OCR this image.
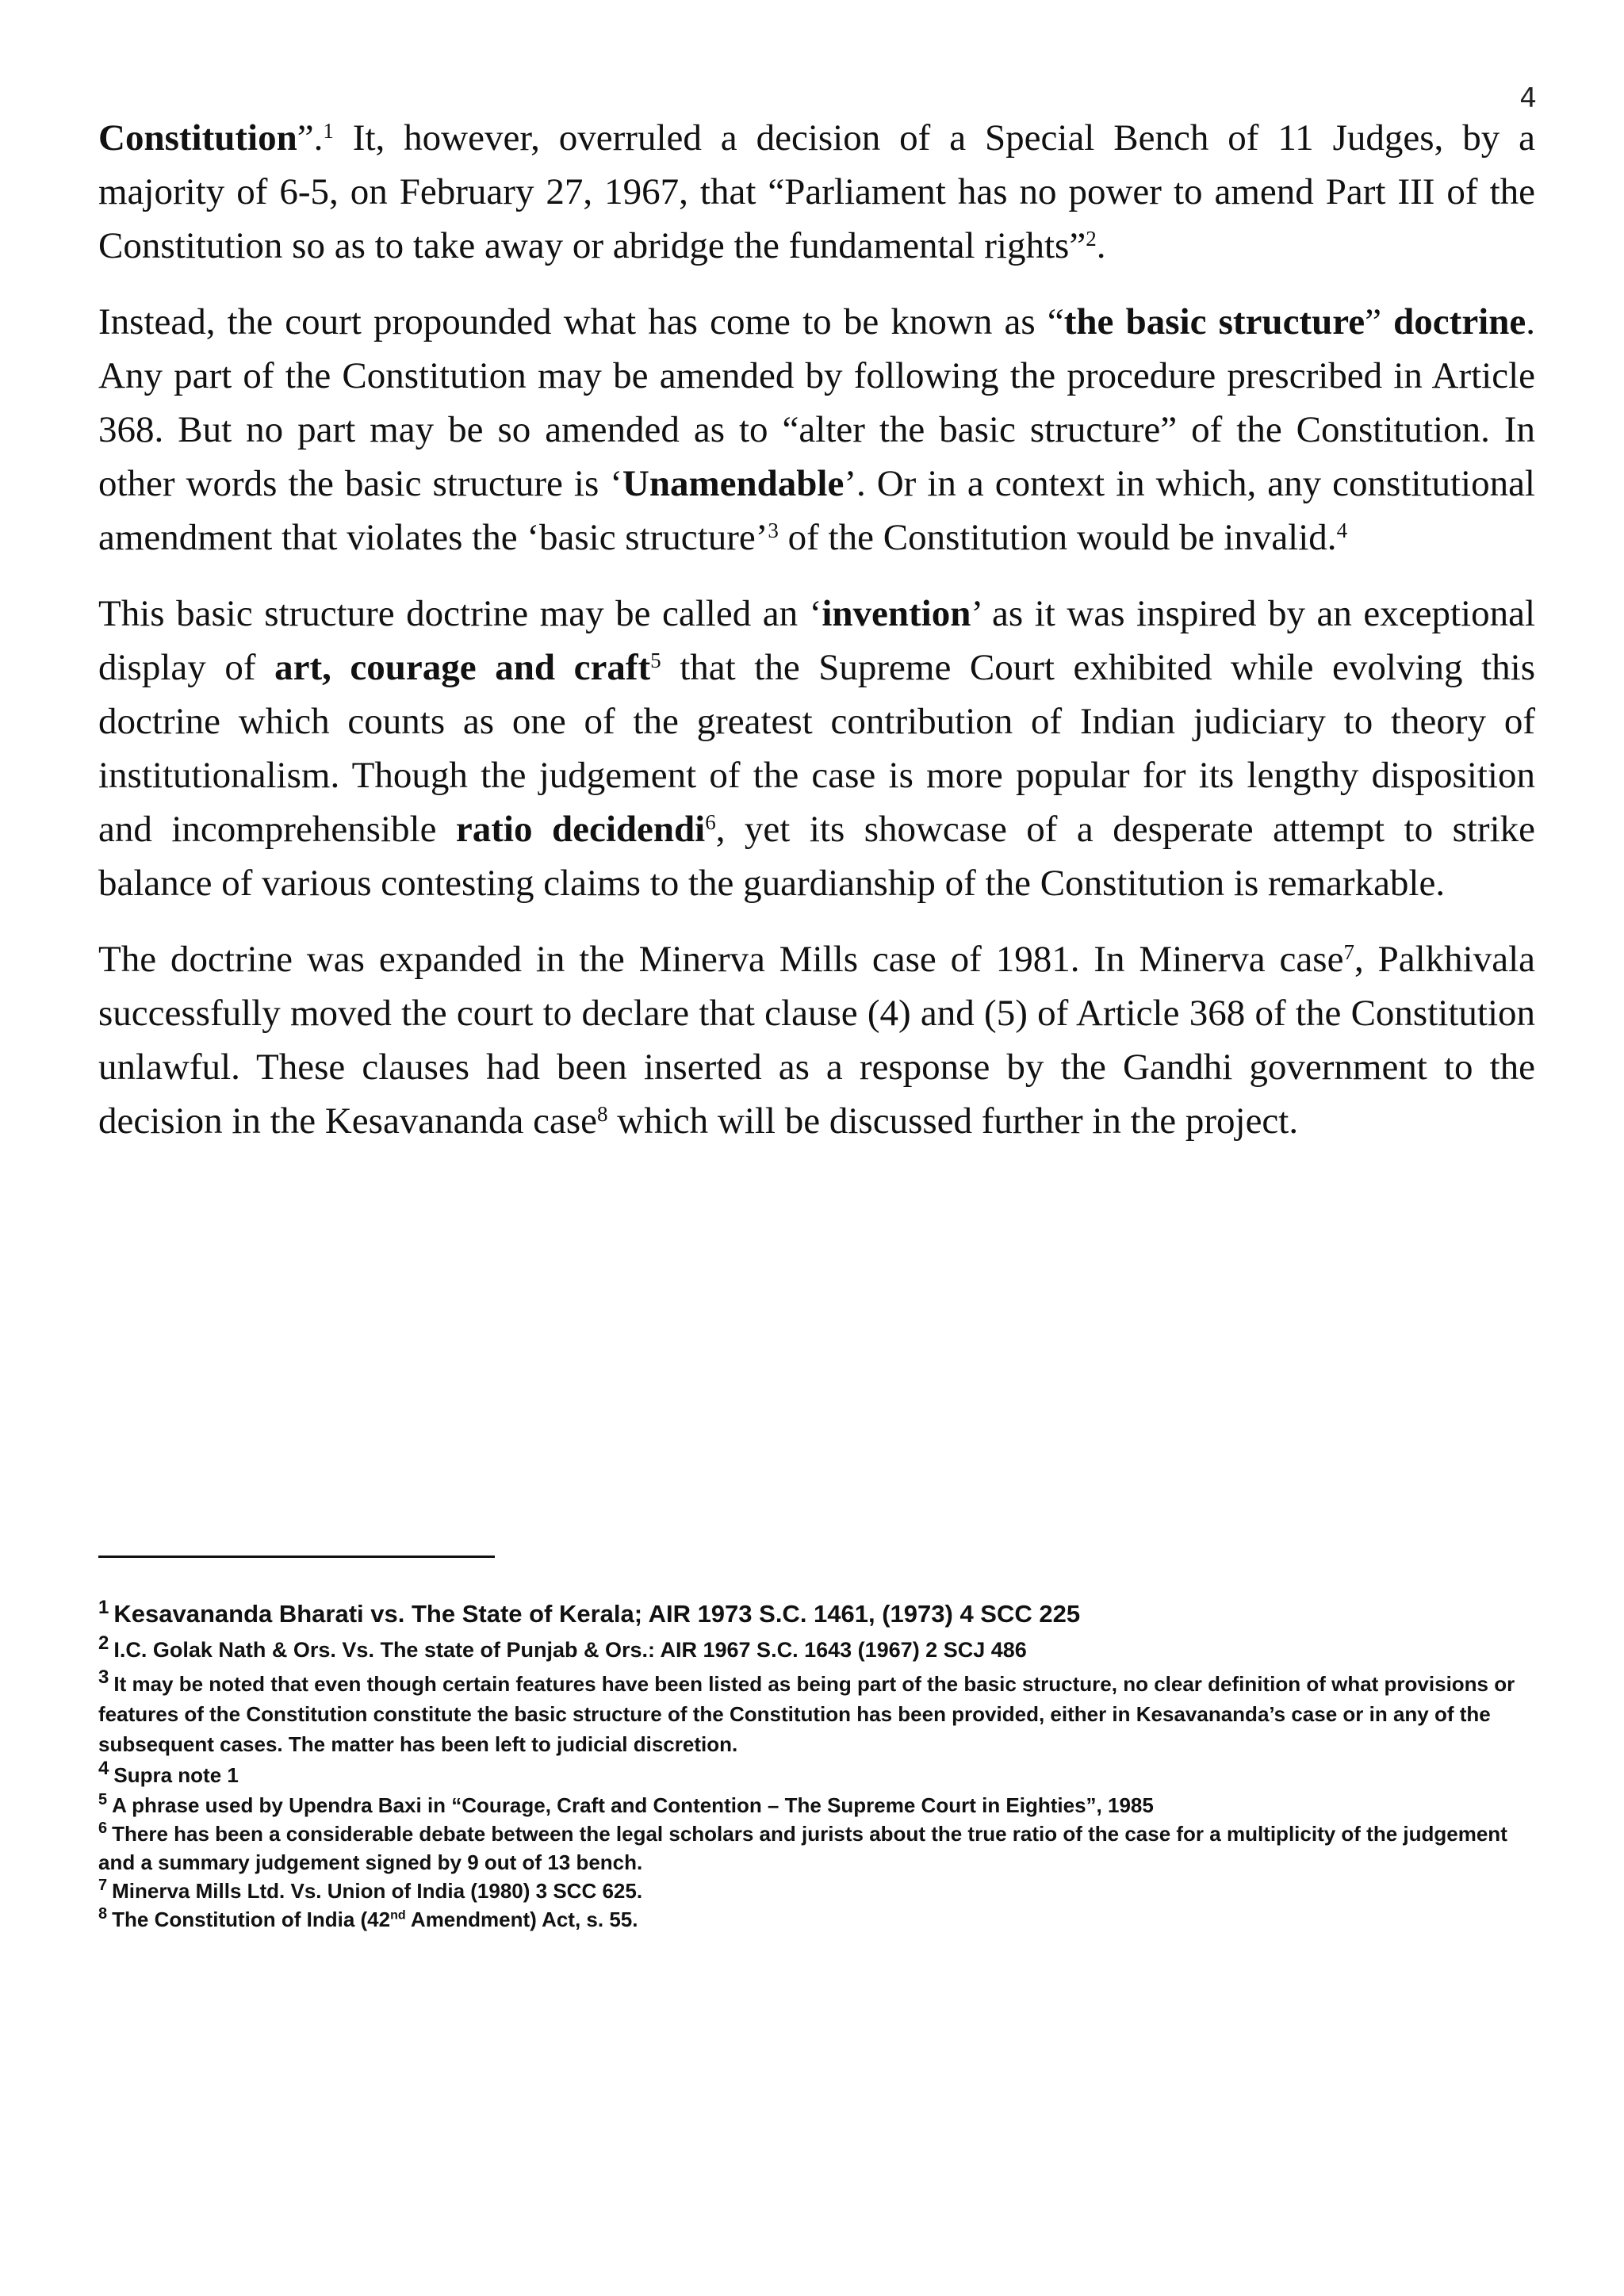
4

Constitution”.$^1$ It, however, overruled a decision of a Special Bench of 11 Judges, by a majority of 6-5, on February 27, 1967, that “Parliament has no power to amend Part III of the Constitution so as to take away or abridge the fundamental rights”$^2$.

Instead, the court propounded what has come to be known as “the basic structure” doctrine. Any part of the Constitution may be amended by following the procedure prescribed in Article 368. But no part may be so amended as to “alter the basic structure” of the Constitution. In other words the basic structure is ‘Unamendable’. Or in a context in which, any constitutional amendment that violates the ‘basic structure’$^3$ of the Constitution would be invalid.$^4$

This basic structure doctrine may be called an ‘invention’ as it was inspired by an exceptional display of art, courage and craft$^5$ that the Supreme Court exhibited while evolving this doctrine which counts as one of the greatest contribution of Indian judiciary to theory of institutionalism. Though the judgement of the case is more popular for its lengthy disposition and incomprehensible ratio decidendi$^6$, yet its showcase of a desperate attempt to strike balance of various contesting claims to the guardianship of the Constitution is remarkable.

The doctrine was expanded in the Minerva Mills case of 1981. In Minerva case$^7$, Palkhivala successfully moved the court to declare that clause (4) and (5) of Article 368 of the Constitution unlawful. These clauses had been inserted as a response by the Gandhi government to the decision in the Kesavananda case$^8$ which will be discussed further in the project.

$^1$ Kesavananda Bharati vs. The State of Kerala; AIR 1973 S.C. 1461, (1973) 4 SCC 225

$^2$ I.C. Golak Nath & Ors. Vs. The state of Punjab & Ors.: AIR 1967 S.C. 1643 (1967) 2 SCJ 486

$^3$ It may be noted that even though certain features have been listed as being part of the basic structure, no clear definition of what provisions or features of the Constitution constitute the basic structure of the Constitution has been provided, either in Kesavananda’s case or in any of the subsequent cases. The matter has been left to judicial discretion.

$^4$ Supra note 1

$^5$ A phrase used by Upendra Baxi in “Courage, Craft and Contention – The Supreme Court in Eighties”, 1985

$^6$ There has been a considerable debate between the legal scholars and jurists about the true ratio of the case for a multiplicity of the judgement and a summary judgement signed by 9 out of 13 bench.

$^7$ Minerva Mills Ltd. Vs. Union of India (1980) 3 SCC 625.

$^8$ The Constitution of India (42nd Amendment) Act, s. 55.
